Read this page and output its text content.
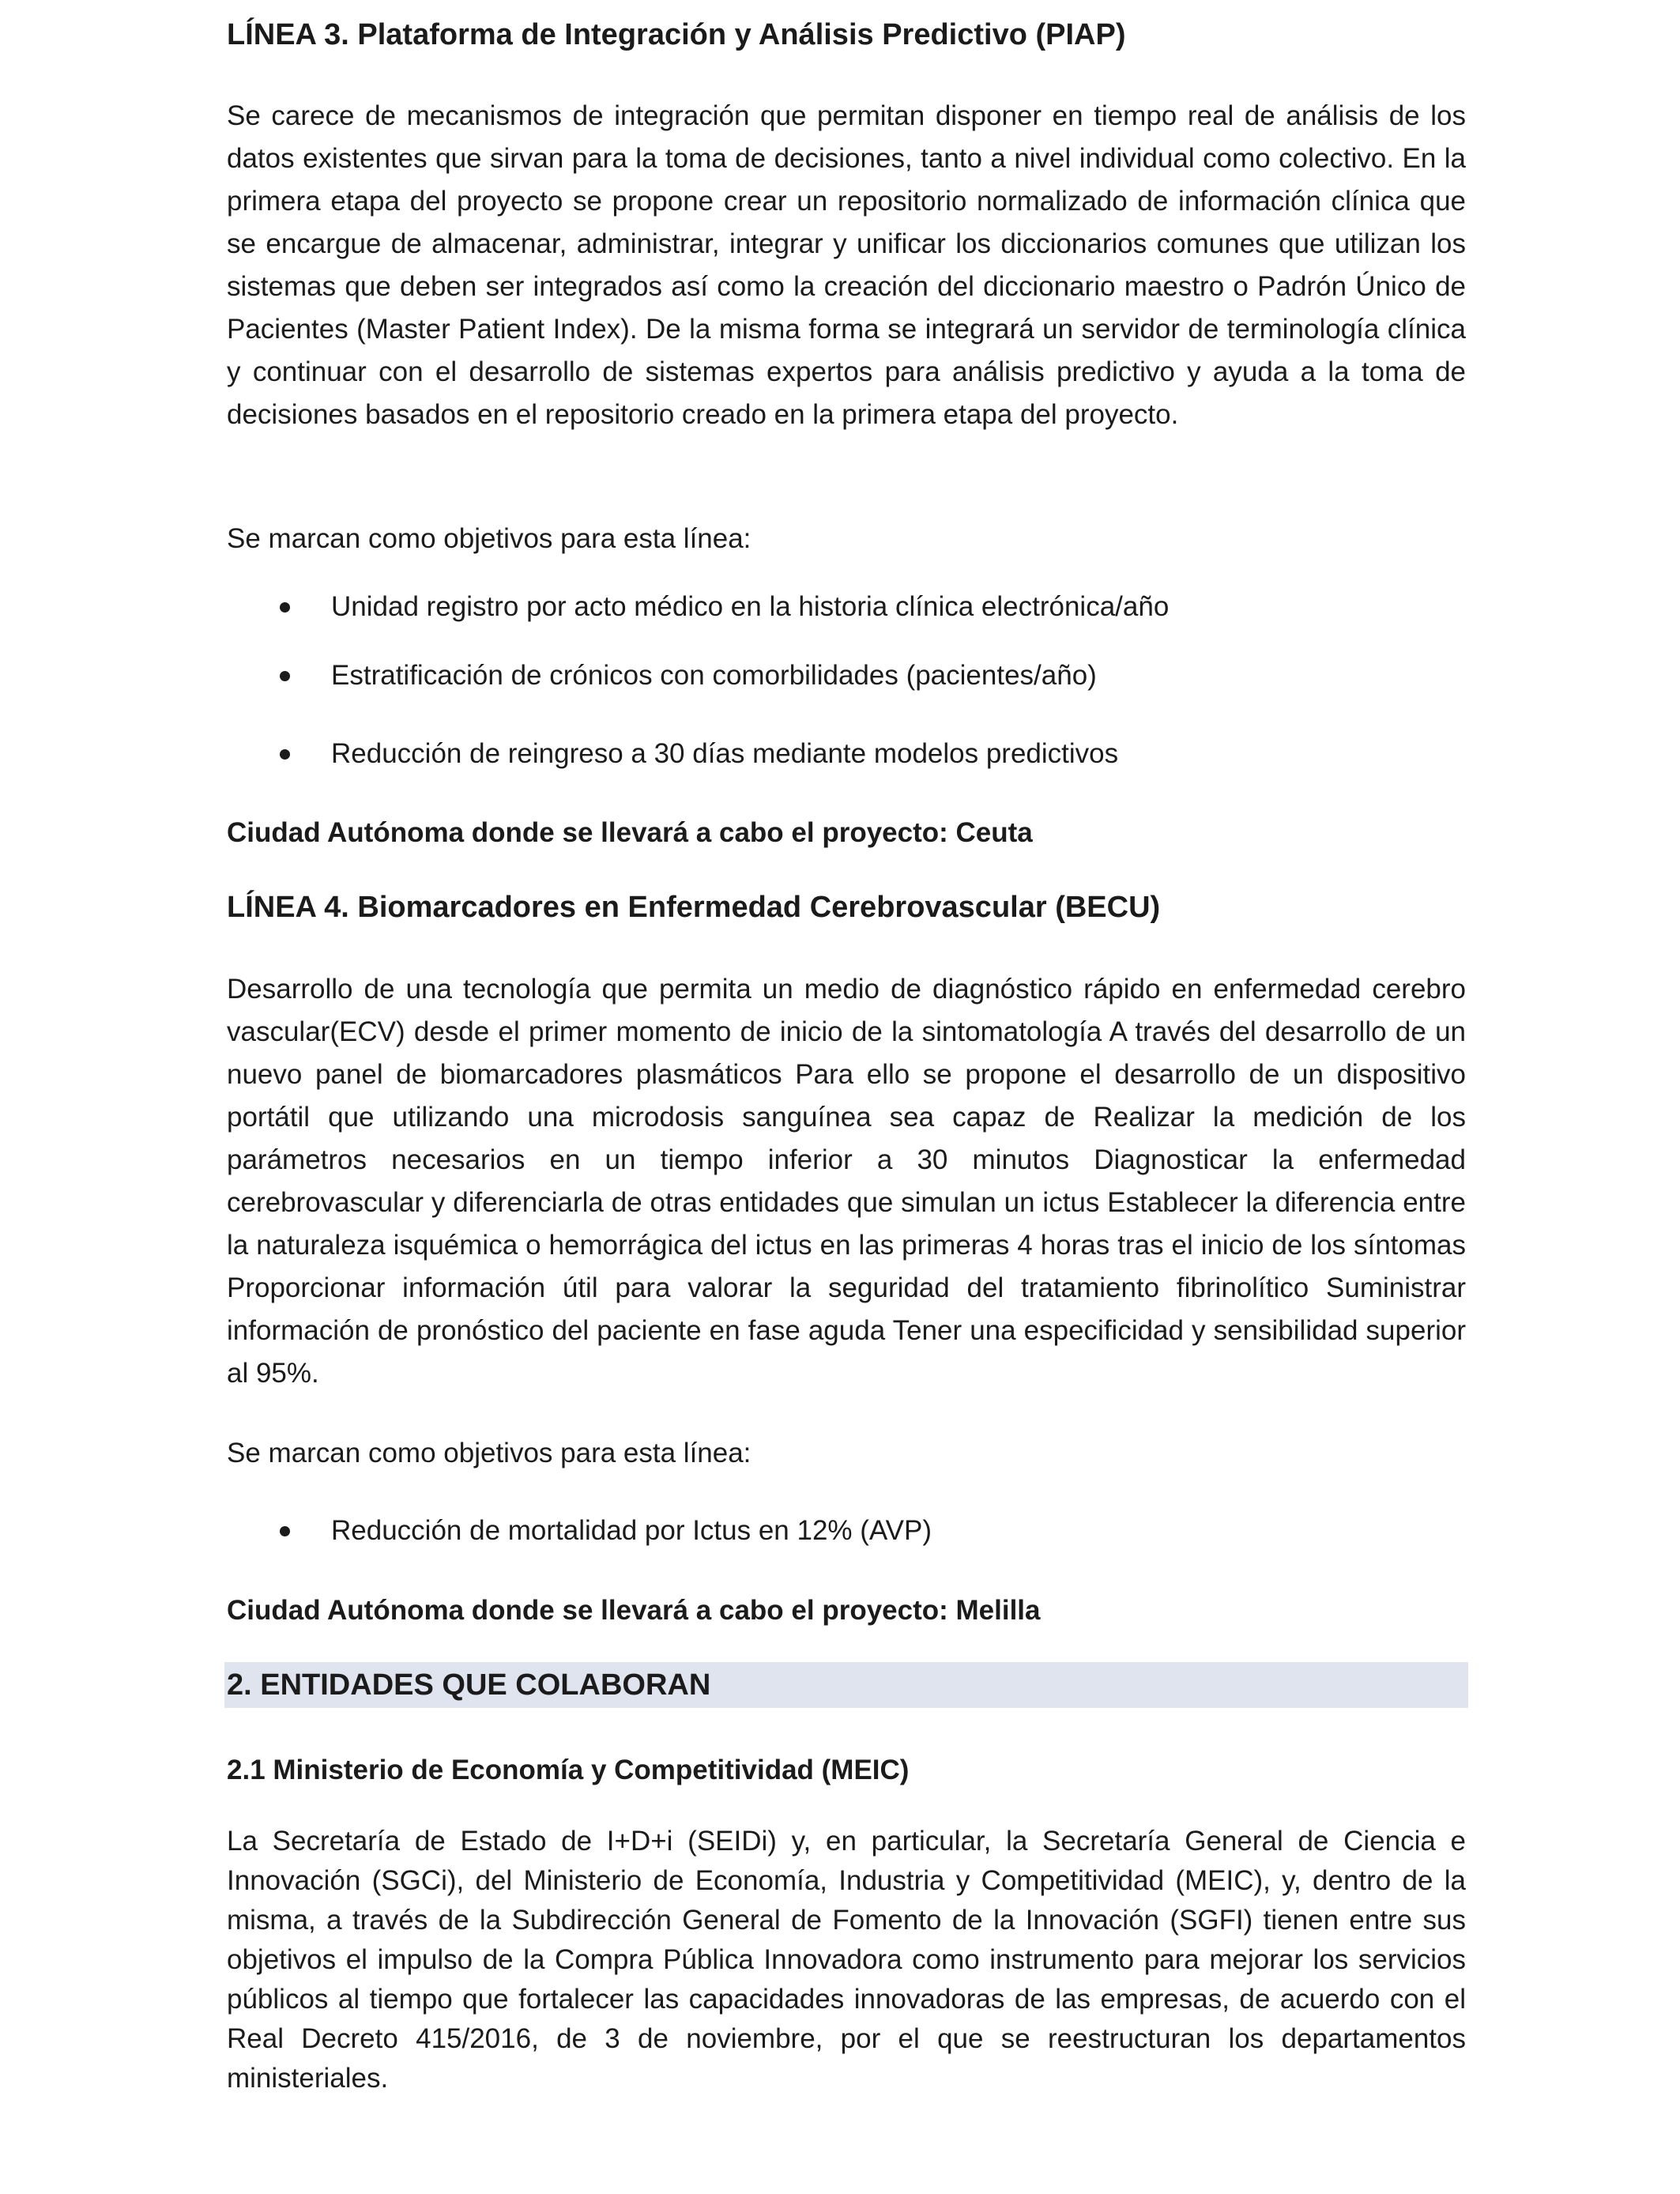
LÍNEA 3. Plataforma de Integración y Análisis Predictivo (PIAP)

Se carece de mecanismos de integración que permitan disponer en tiempo real de análisis de los datos existentes que sirvan para la toma de decisiones, tanto a nivel individual como colectivo. En la primera etapa del proyecto se propone crear un repositorio normalizado de información clínica que se encargue de almacenar, administrar, integrar y unificar los diccionarios comunes que utilizan los sistemas que deben ser integrados así como la creación del diccionario maestro o Padrón Único de Pacientes (Master Patient Index). De la misma forma se integrará un servidor de terminología clínica y continuar con el desarrollo de sistemas expertos para análisis predictivo y ayuda a la toma de decisiones basados en el repositorio creado en la primera etapa del proyecto.

Se marcan como objetivos para esta línea:

Unidad registro por acto médico en la historia clínica electrónica/año
Estratificación de crónicos con comorbilidades (pacientes/año)
Reducción de reingreso a 30 días mediante modelos predictivos

Ciudad Autónoma donde se llevará a cabo el proyecto: Ceuta

LÍNEA 4. Biomarcadores en Enfermedad Cerebrovascular (BECU)

Desarrollo de una tecnología que permita un medio de diagnóstico rápido en enfermedad cerebro vascular(ECV) desde el primer momento de inicio de la sintomatología A través del desarrollo de un nuevo panel de biomarcadores plasmáticos Para ello se propone el desarrollo de un dispositivo portátil que utilizando una microdosis sanguínea sea capaz de Realizar la medición de los parámetros necesarios en un tiempo inferior a 30 minutos Diagnosticar la enfermedad cerebrovascular y diferenciarla de otras entidades que simulan un ictus Establecer la diferencia entre la naturaleza isquémica o hemorrágica del ictus en las primeras 4 horas tras el inicio de los síntomas Proporcionar información útil para valorar la seguridad del tratamiento fibrinolítico Suministrar información de pronóstico del paciente en fase aguda Tener una especificidad y sensibilidad superior al 95%.

Se marcan como objetivos para esta línea:

Reducción de mortalidad por Ictus en 12% (AVP)

Ciudad Autónoma donde se llevará a cabo el proyecto: Melilla

2. ENTIDADES QUE COLABORAN
2.1 Ministerio de Economía y Competitividad (MEIC)

La Secretaría de Estado de I+D+i (SEIDi) y, en particular, la Secretaría General de Ciencia e Innovación (SGCi), del Ministerio de Economía, Industria y Competitividad (MEIC), y, dentro de la misma, a través de la Subdirección General de Fomento de la Innovación (SGFI) tienen entre sus objetivos el impulso de la Compra Pública Innovadora como instrumento para mejorar los servicios públicos al tiempo que fortalecer las capacidades innovadoras de las empresas, de acuerdo con el Real Decreto 415/2016, de 3 de noviembre, por el que se reestructuran los departamentos ministeriales.
